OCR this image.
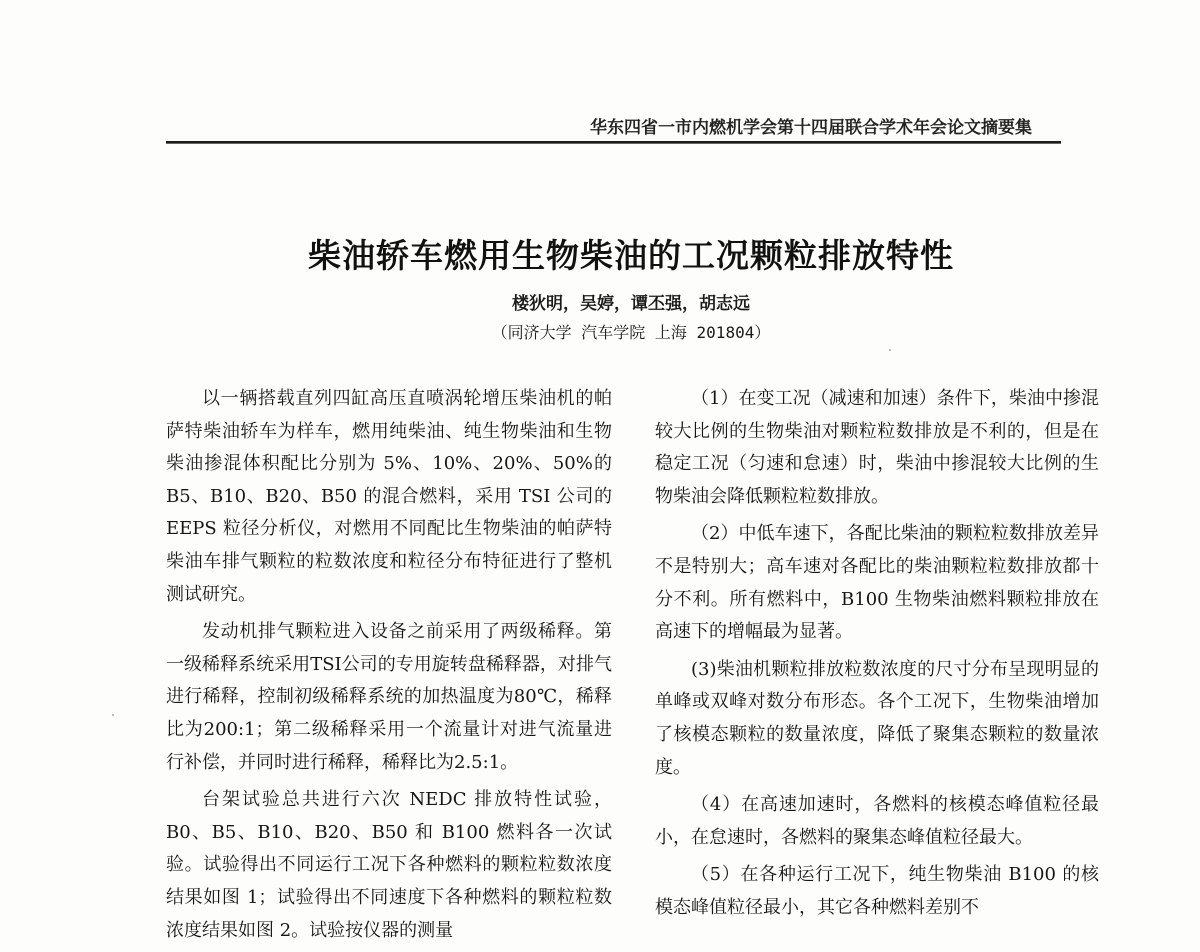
华东四省一市内燃机学会第十四届联合学术年会论文摘要集
柴油轿车燃用生物柴油的工况颗粒排放特性
楼狄明，吴婷，谭丕强，胡志远
（同济大学 汽车学院 上海 201804）

以一辆搭载直列四缸高压直喷涡轮增压柴油机的帕萨特柴油轿车为样车，燃用纯柴油、纯生物柴油和生物柴油掺混体积配比分别为 5%、10%、20%、50%的 B5、B10、B20、B50 的混合燃料，采用 TSI 公司的 EEPS 粒径分析仪，对燃用不同配比生物柴油的帕萨特柴油车排气颗粒的粒数浓度和粒径分布特征进行了整机测试研究。

发动机排气颗粒进入设备之前采用了两级稀释。第一级稀释系统采用TSI公司的专用旋转盘稀释器，对排气进行稀释，控制初级稀释系统的加热温度为80℃，稀释比为200:1；第二级稀释采用一个流量计对进气流量进行补偿，并同时进行稀释，稀释比为2.5:1。

台架试验总共进行六次 NEDC 排放特性试验，B0、B5、B10、B20、B50 和 B100 燃料各一次试验。试验得出不同运行工况下各种燃料的颗粒粒数浓度结果如图 1；试验得出不同速度下各种燃料的颗粒粒数浓度结果如图 2。试验按仪器的测量

（1）在变工况（减速和加速）条件下，柴油中掺混较大比例的生物柴油对颗粒粒数排放是不利的，但是在稳定工况（匀速和怠速）时，柴油中掺混较大比例的生物柴油会降低颗粒粒数排放。

（2）中低车速下，各配比柴油的颗粒粒数排放差异不是特别大；高车速对各配比的柴油颗粒粒数排放都十分不利。所有燃料中，B100 生物柴油燃料颗粒排放在高速下的增幅最为显著。

(3)柴油机颗粒排放粒数浓度的尺寸分布呈现明显的单峰或双峰对数分布形态。各个工况下，生物柴油增加了核模态颗粒的数量浓度，降低了聚集态颗粒的数量浓度。

（4）在高速加速时，各燃料的核模态峰值粒径最小，在怠速时，各燃料的聚集态峰值粒径最大。

（5）在各种运行工况下，纯生物柴油 B100 的核模态峰值粒径最小，其它各种燃料差别不
